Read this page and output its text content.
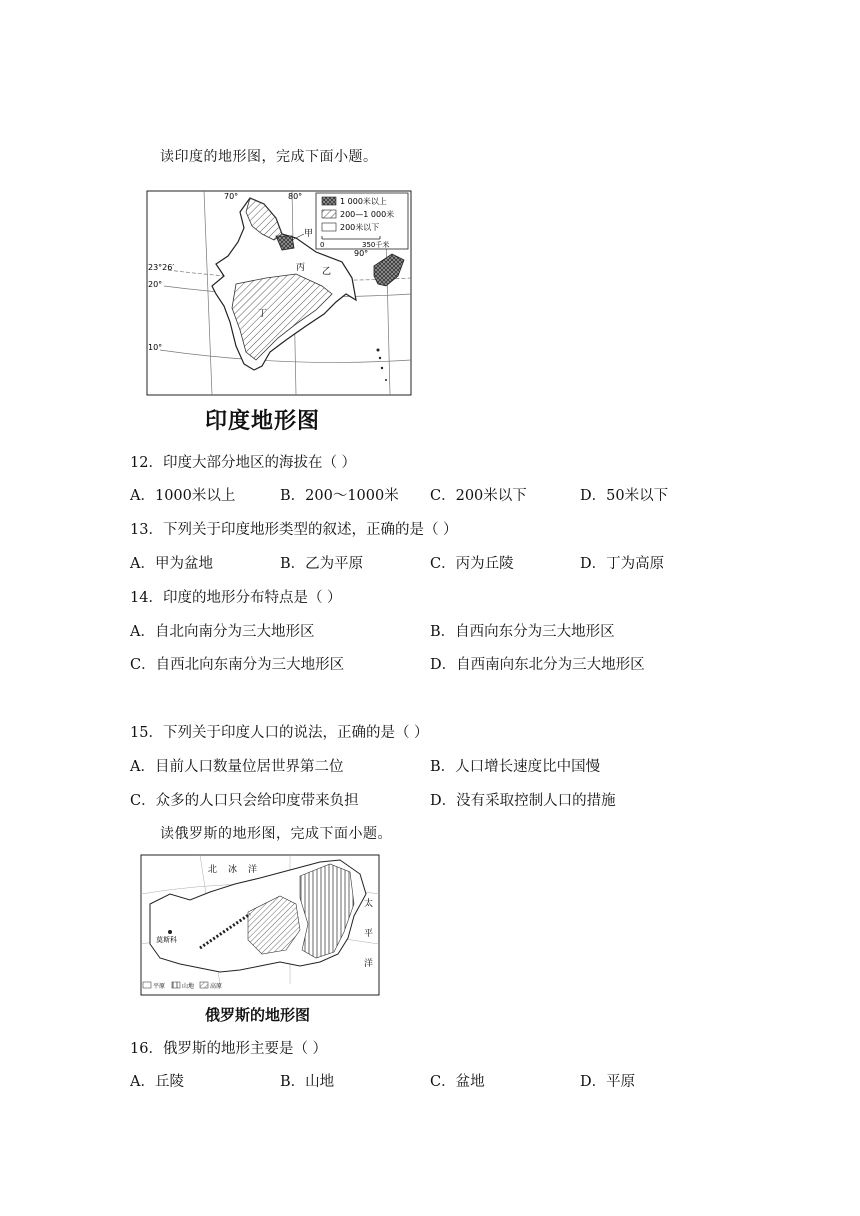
读印度的地形图，完成下面小题。
1 000米以上
200—1 000米
200米以下
0	350千米
70°	80°
90°
23°26′
20°
10°
甲
乙
丙
丁
印度地形图
12．印度大部分地区的海拔在（ ）
A．1000米以上	B．200～1000米 C．200米以下	D．50米以下
13．下列关于印度地形类型的叙述，正确的是（ ）
A．甲为盆地	B．乙为平原	C．丙为丘陵	D．丁为高原
14．印度的地形分布特点是（ ）
A．自北向南分为三大地形区	B．自西向东分为三大地形区
C．自西北向东南分为三大地形区	D．自西南向东北分为三大地形区
15．下列关于印度人口的说法，正确的是（ ）
A．目前人口数量位居世界第二位	B．人口增长速度比中国慢
C．众多的人口只会给印度带来负担	D．没有采取控制人口的措施
读俄罗斯的地形图，完成下面小题。
莫斯科
北 冰 洋
太
平
洋
平原	山地	高原
俄罗斯的地形图
16．俄罗斯的地形主要是（ ）
A．丘陵	B．山地	C．盆地	D．平原
